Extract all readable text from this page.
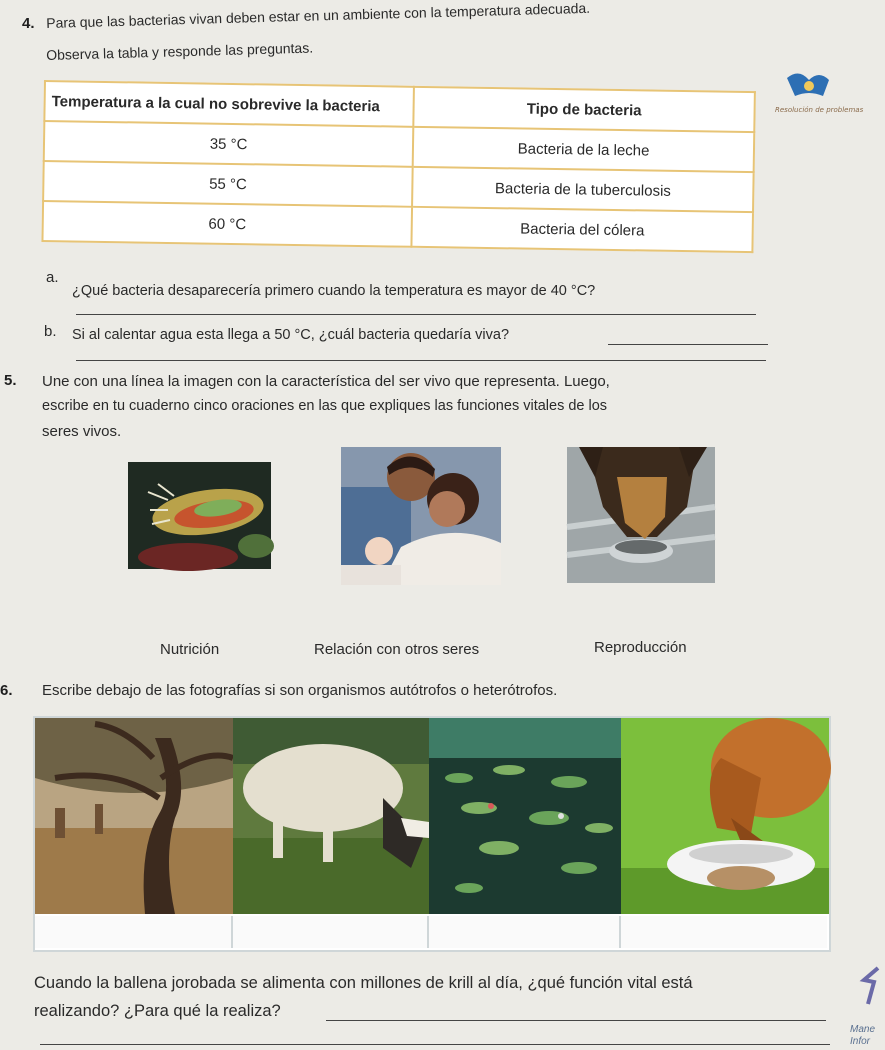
4. Para que las bacterias vivan deben estar en un ambiente con la temperatura adecuada.
Observa la tabla y responde las preguntas.
Resolución de problemas
Temperatura a la cual no sobrevive la bacteria	Tipo de bacteria
35 °C	Bacteria de la leche
55 °C	Bacteria de la tuberculosis
60 °C	Bacteria del cólera
a.
¿Qué bacteria desaparecería primero cuando la temperatura es mayor de 40 °C?
b. Si al calentar agua esta llega a 50 °C, ¿cuál bacteria quedaría viva?
5. Une con una línea la imagen con la característica del ser vivo que representa. Luego,
escribe en tu cuaderno cinco oraciones en las que expliques las funciones vitales de los
seres vivos.
Nutrición	Relación con otros seres	Reproducción
6. Escribe debajo de las fotografías si son organismos autótrofos o heterótrofos.
Cuando la ballena jorobada se alimenta con millones de krill al día, ¿qué función vital está
realizando? ¿Para qué la realiza?
Mane
Infor
